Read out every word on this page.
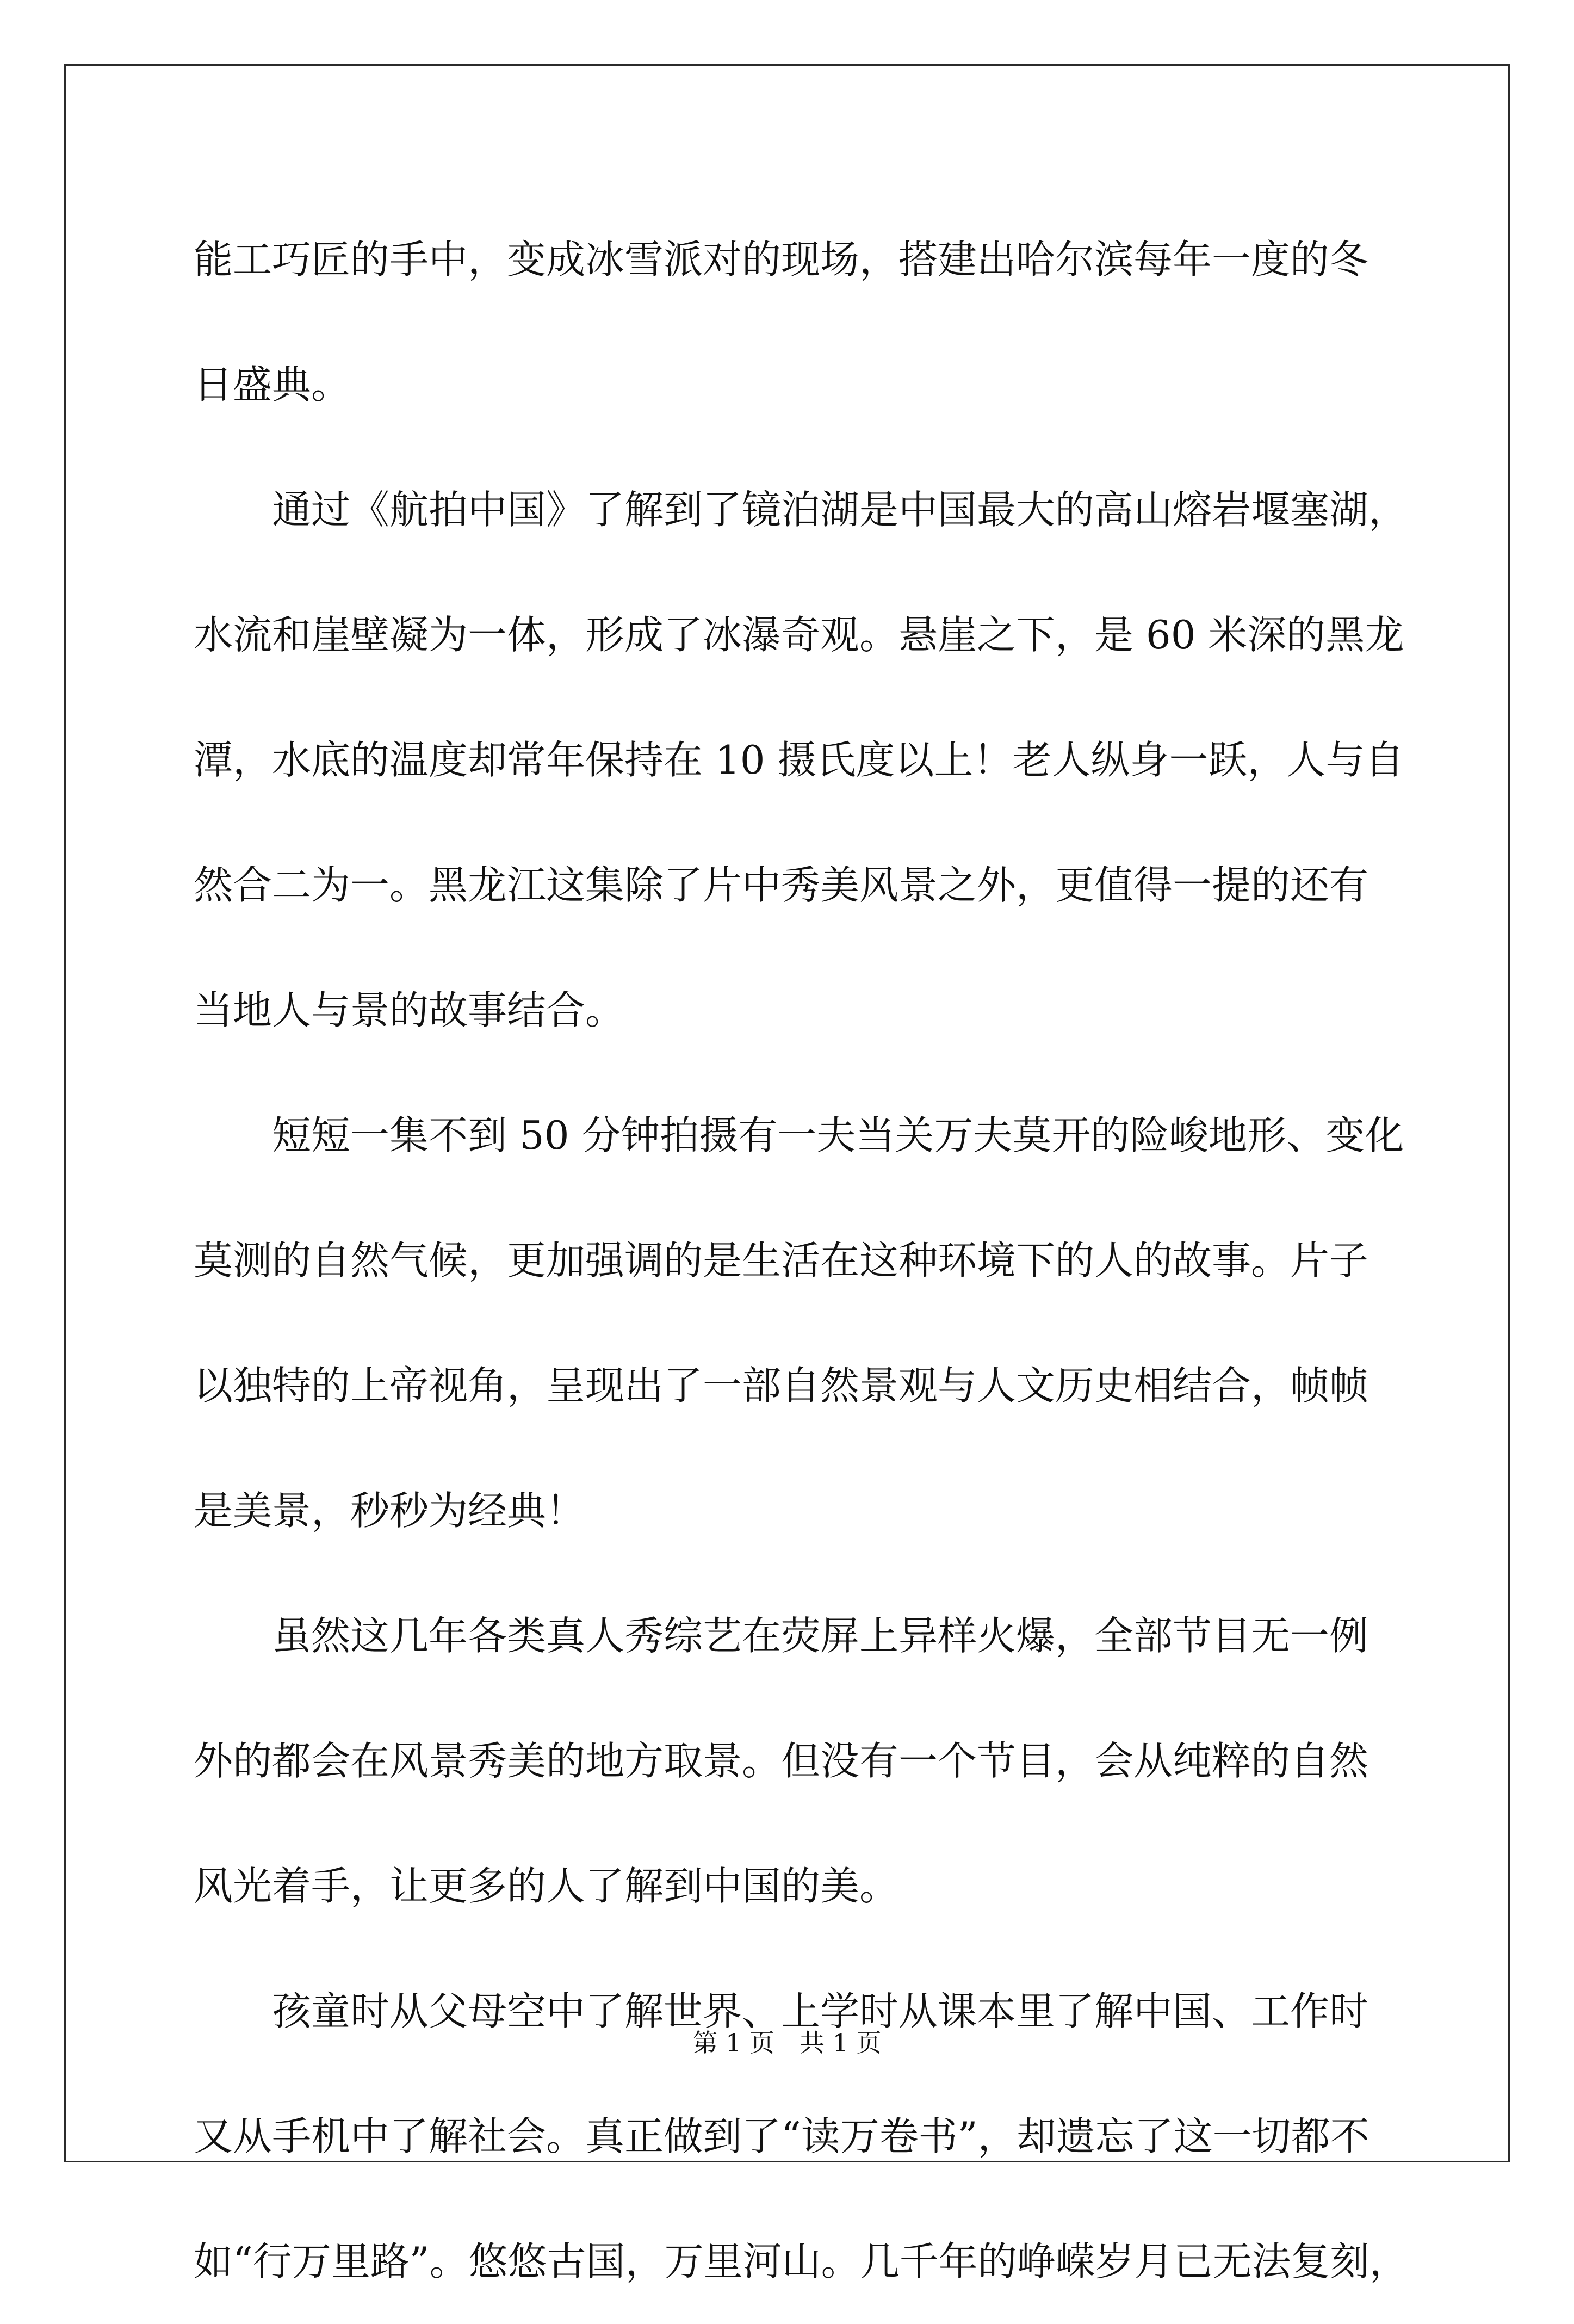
能工巧匠的手中，变成冰雪派对的现场，搭建出哈尔滨每年一度的冬
日盛典。
　　通过《航拍中国》了解到了镜泊湖是中国最大的高山熔岩堰塞湖，
水流和崖壁凝为一体，形成了冰瀑奇观。悬崖之下，是 60 米深的黑龙
潭，水底的温度却常年保持在 10 摄氏度以上！老人纵身一跃，人与自
然合二为一。黑龙江这集除了片中秀美风景之外，更值得一提的还有
当地人与景的故事结合。
　　短短一集不到 50 分钟拍摄有一夫当关万夫莫开的险峻地形、变化
莫测的自然气候，更加强调的是生活在这种环境下的人的故事。片子
以独特的上帝视角，呈现出了一部自然景观与人文历史相结合，帧帧
是美景，秒秒为经典！
　　虽然这几年各类真人秀综艺在荧屏上异样火爆，全部节目无一例
外的都会在风景秀美的地方取景。但没有一个节目，会从纯粹的自然
风光着手，让更多的人了解到中国的美。
　　孩童时从父母空中了解世界、上学时从课本里了解中国、工作时
又从手机中了解社会。真正做到了“读万卷书”，却遗忘了这一切都不
如“行万里路”。悠悠古国，万里河山。几千年的峥嵘岁月已无法复刻，
第 1 页　共 1 页
